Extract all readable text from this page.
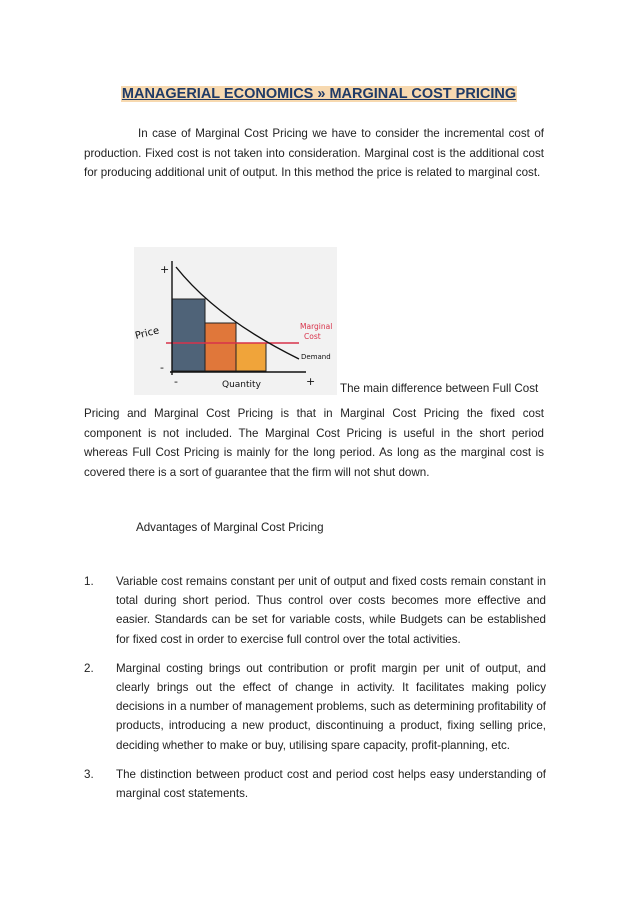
MANAGERIAL ECONOMICS » MARGINAL COST PRICING

In case of Marginal Cost Pricing we have to consider the incremental cost of production. Fixed cost is not taken into consideration. Marginal cost is the additional cost for producing additional unit of output. In this method the price is related to marginal cost.

+
-
-	+
Price
Quantity
Marginal
Cost
Demand
The main difference between Full Cost

Pricing and Marginal Cost Pricing is that in Marginal Cost Pricing the fixed cost component is not included. The Marginal Cost Pricing is useful in the short period whereas Full Cost Pricing is mainly for the long period. As long as the marginal cost is covered there is a sort of guarantee that the firm will not shut down.

Advantages of Marginal Cost Pricing
1. Variable cost remains constant per unit of output and fixed costs remain constant in total during short period. Thus control over costs becomes more effective and easier. Standards can be set for variable costs, while Budgets can be established for fixed cost in order to exercise full control over the total activities.
2. Marginal costing brings out contribution or profit margin per unit of output, and clearly brings out the effect of change in activity. It facilitates making policy decisions in a number of management problems, such as determining profitability of products, introducing a new product, discontinuing a product, fixing selling price, deciding whether to make or buy, utilising spare capacity, profit-planning, etc.
3. The distinction between product cost and period cost helps easy understanding of marginal cost statements.
